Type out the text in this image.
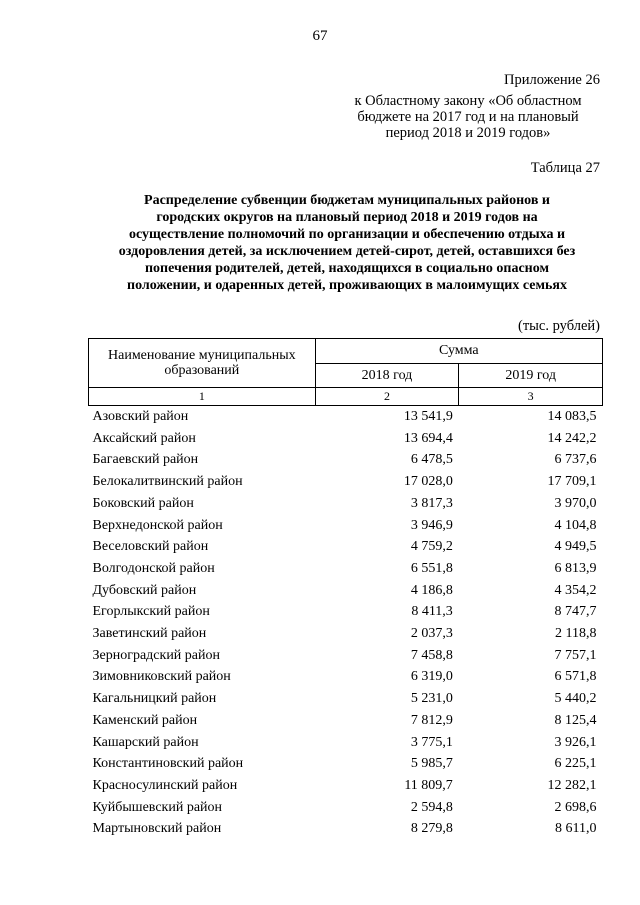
67
Приложение 26
к Областному закону «Об областном
бюджете на 2017 год и на плановый
период 2018 и 2019 годов»
Таблица 27
Распределение субвенции бюджетам муниципальных районов и
городских округов на плановый период 2018 и 2019 годов на
осуществление полномочий по организации и обеспечению отдыха и
оздоровления детей, за исключением детей-сирот, детей, оставшихся без
попечения родителей, детей, находящихся в социально опасном
положении, и одаренных детей, проживающих в малоимущих семьях
(тыс. рублей)
Наименование муниципальных образований	Сумма	
	2018 год	2019 год
1	2	3
Азовский район	13 541,9	14 083,5
Аксайский район	13 694,4	14 242,2
Багаевский район	6 478,5	6 737,6
Белокалитвинский район	17 028,0	17 709,1
Боковский район	3 817,3	3 970,0
Верхнедонской район	3 946,9	4 104,8
Веселовский район	4 759,2	4 949,5
Волгодонской район	6 551,8	6 813,9
Дубовский район	4 186,8	4 354,2
Егорлыкский район	8 411,3	8 747,7
Заветинский район	2 037,3	2 118,8
Зерноградский район	7 458,8	7 757,1
Зимовниковский район	6 319,0	6 571,8
Кагальницкий район	5 231,0	5 440,2
Каменский район	7 812,9	8 125,4
Кашарский район	3 775,1	3 926,1
Константиновский район	5 985,7	6 225,1
Красносулинский район	11 809,7	12 282,1
Куйбышевский район	2 594,8	2 698,6
Мартыновский район	8 279,8	8 611,0
